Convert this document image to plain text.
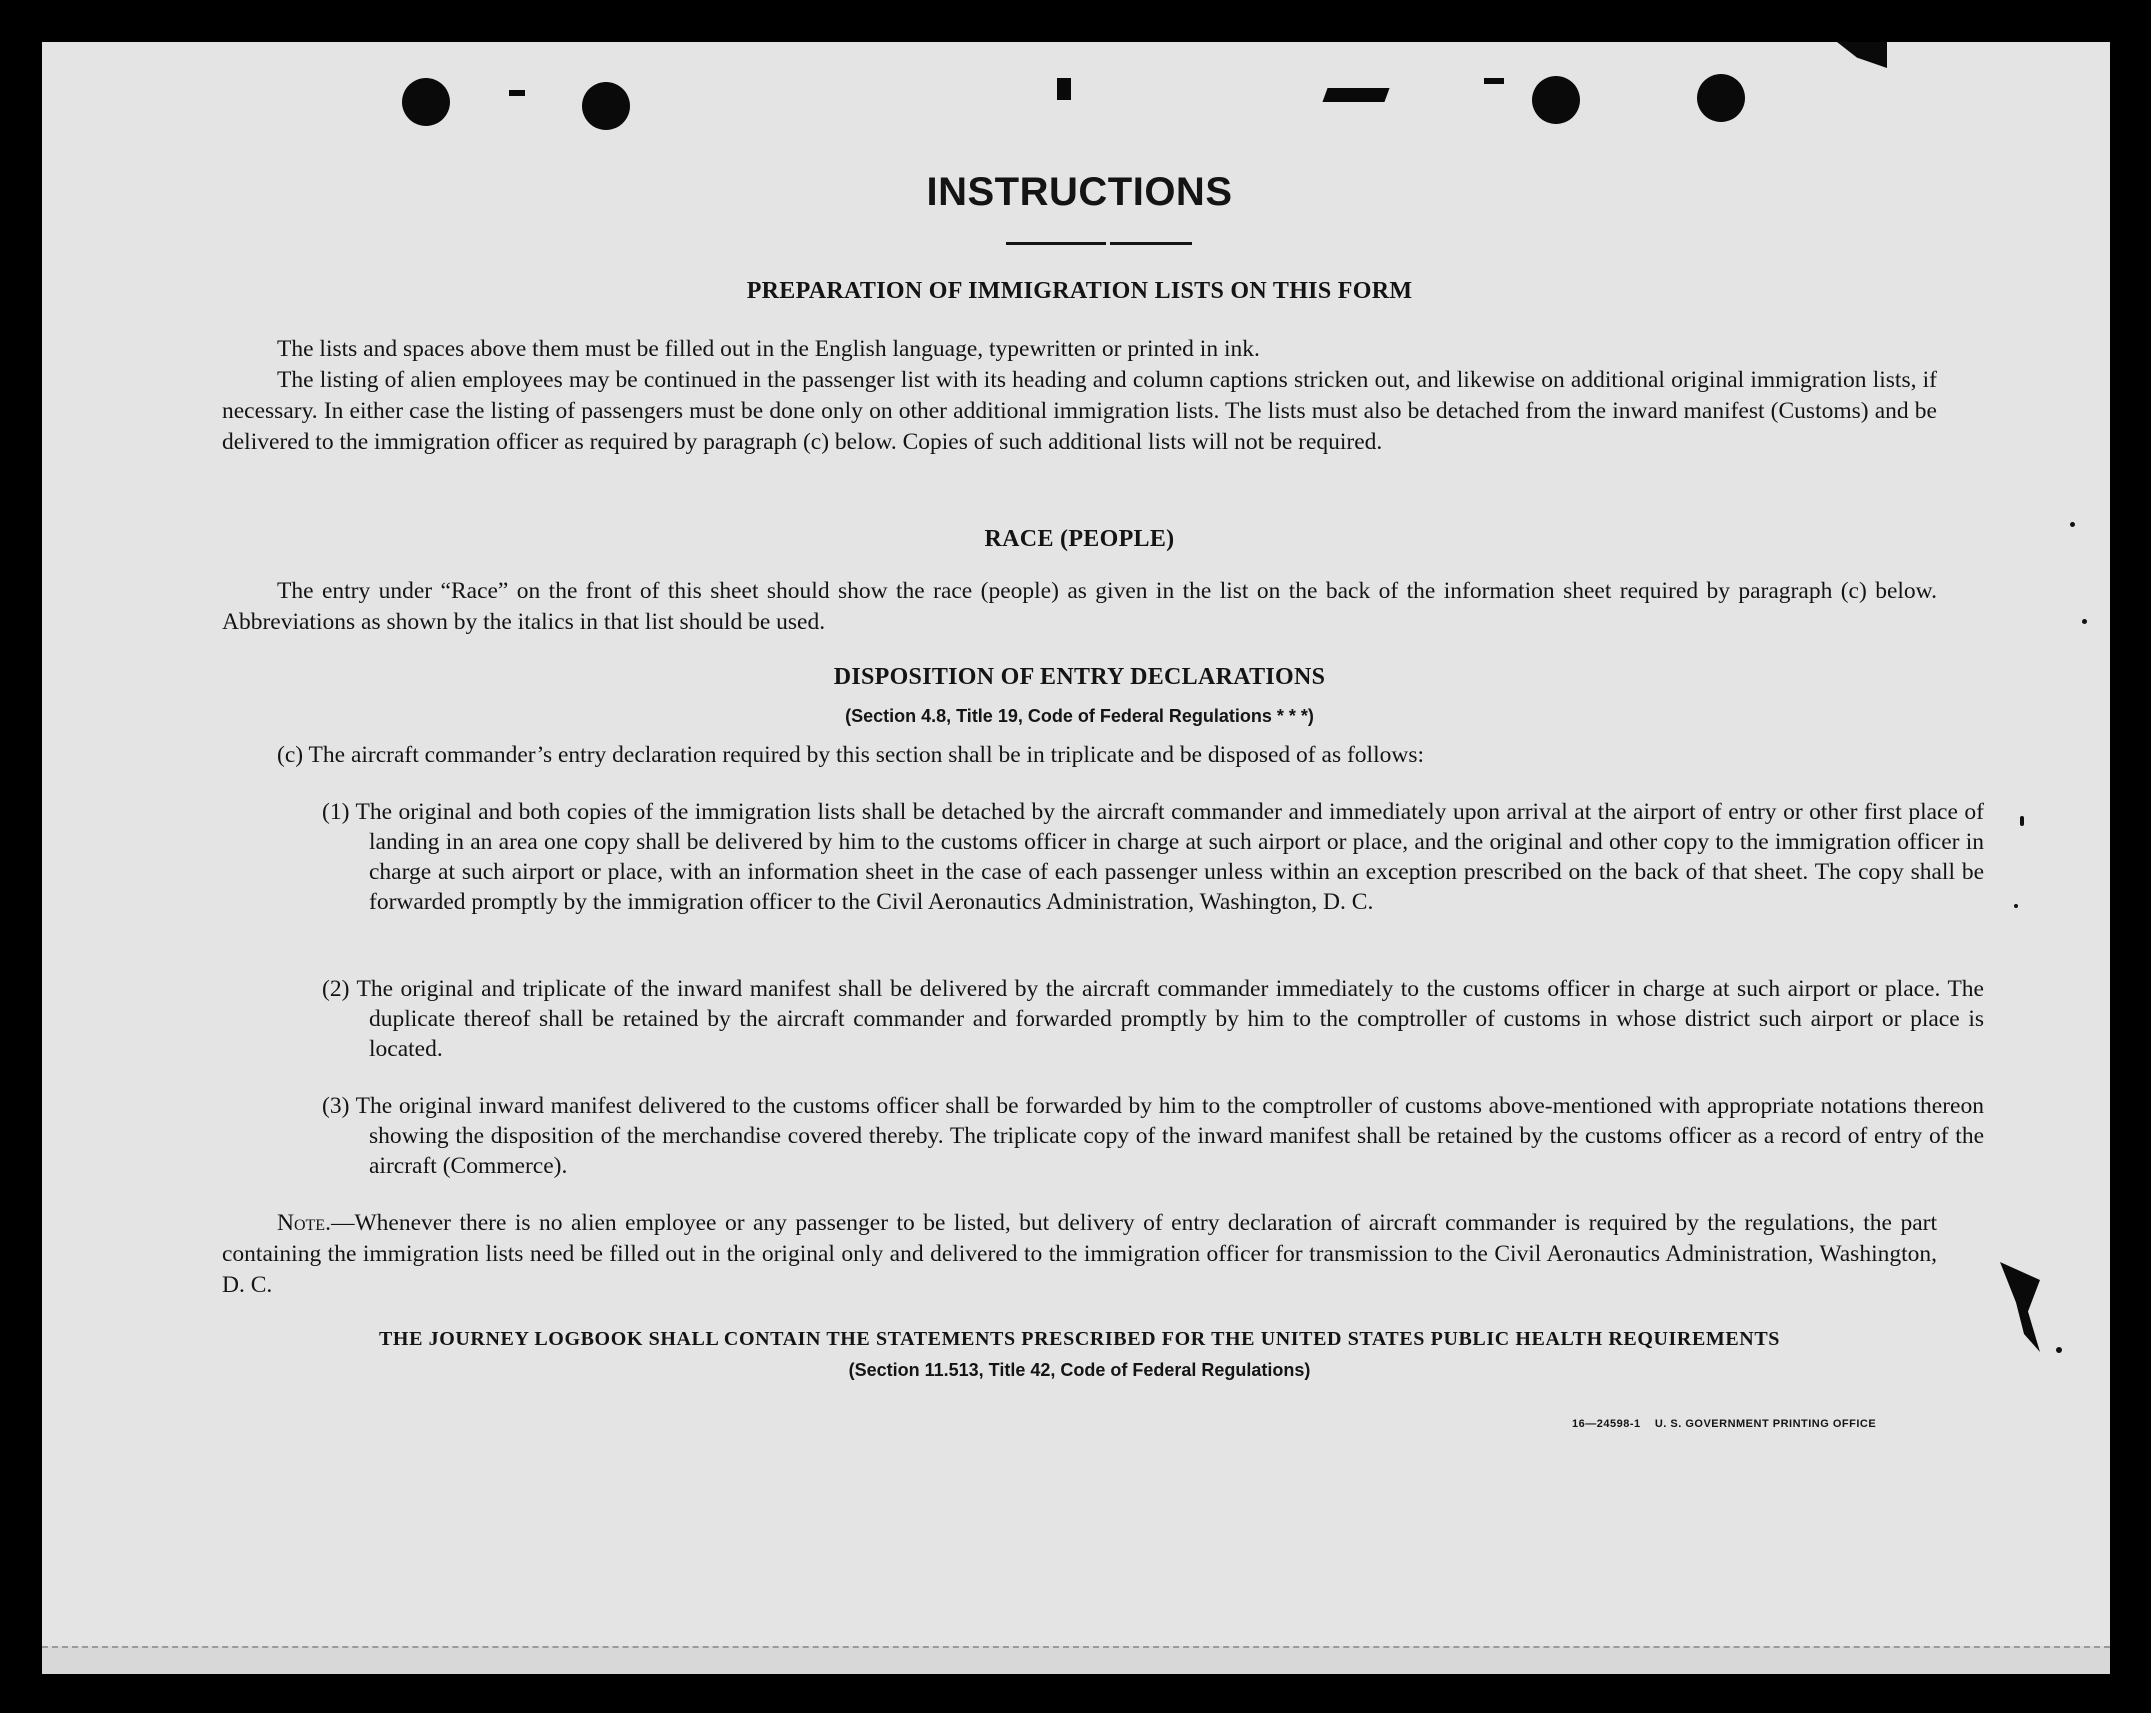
INSTRUCTIONS
PREPARATION OF IMMIGRATION LISTS ON THIS FORM
The lists and spaces above them must be filled out in the English language, typewritten or printed in ink.
The listing of alien employees may be continued in the passenger list with its heading and column captions stricken out, and likewise on additional original immigration lists, if necessary. In either case the listing of passengers must be done only on other additional immigration lists. The lists must also be detached from the inward manifest (Customs) and be delivered to the immigration officer as required by paragraph (c) below. Copies of such additional lists will not be required.
RACE (PEOPLE)
The entry under “Race” on the front of this sheet should show the race (people) as given in the list on the back of the information sheet required by paragraph (c) below. Abbreviations as shown by the italics in that list should be used.
DISPOSITION OF ENTRY DECLARATIONS
(Section 4.8, Title 19, Code of Federal Regulations * * *)
(c) The aircraft commander’s entry declaration required by this section shall be in triplicate and be disposed of as follows:
(1) The original and both copies of the immigration lists shall be detached by the aircraft commander and immediately upon arrival at the airport of entry or other first place of landing in an area one copy shall be delivered by him to the customs officer in charge at such airport or place, and the original and other copy to the immigration officer in charge at such airport or place, with an information sheet in the case of each passenger unless within an exception prescribed on the back of that sheet. The copy shall be forwarded promptly by the immigration officer to the Civil Aeronautics Administration, Washington, D. C.
(2) The original and triplicate of the inward manifest shall be delivered by the aircraft commander immediately to the customs officer in charge at such airport or place. The duplicate thereof shall be retained by the aircraft commander and forwarded promptly by him to the comptroller of customs in whose district such airport or place is located.
(3) The original inward manifest delivered to the customs officer shall be forwarded by him to the comptroller of customs above-mentioned with appropriate notations thereon showing the disposition of the merchandise covered thereby. The triplicate copy of the inward manifest shall be retained by the customs officer as a record of entry of the aircraft (Commerce).
Note.—Whenever there is no alien employee or any passenger to be listed, but delivery of entry declaration of aircraft commander is required by the regulations, the part containing the immigration lists need be filled out in the original only and delivered to the immigration officer for transmission to the Civil Aeronautics Administration, Washington, D. C.
THE JOURNEY LOGBOOK SHALL CONTAIN THE STATEMENTS PRESCRIBED FOR THE UNITED STATES PUBLIC HEALTH REQUIREMENTS
(Section 11.513, Title 42, Code of Federal Regulations)
16—24598-1 U. S. GOVERNMENT PRINTING OFFICE
